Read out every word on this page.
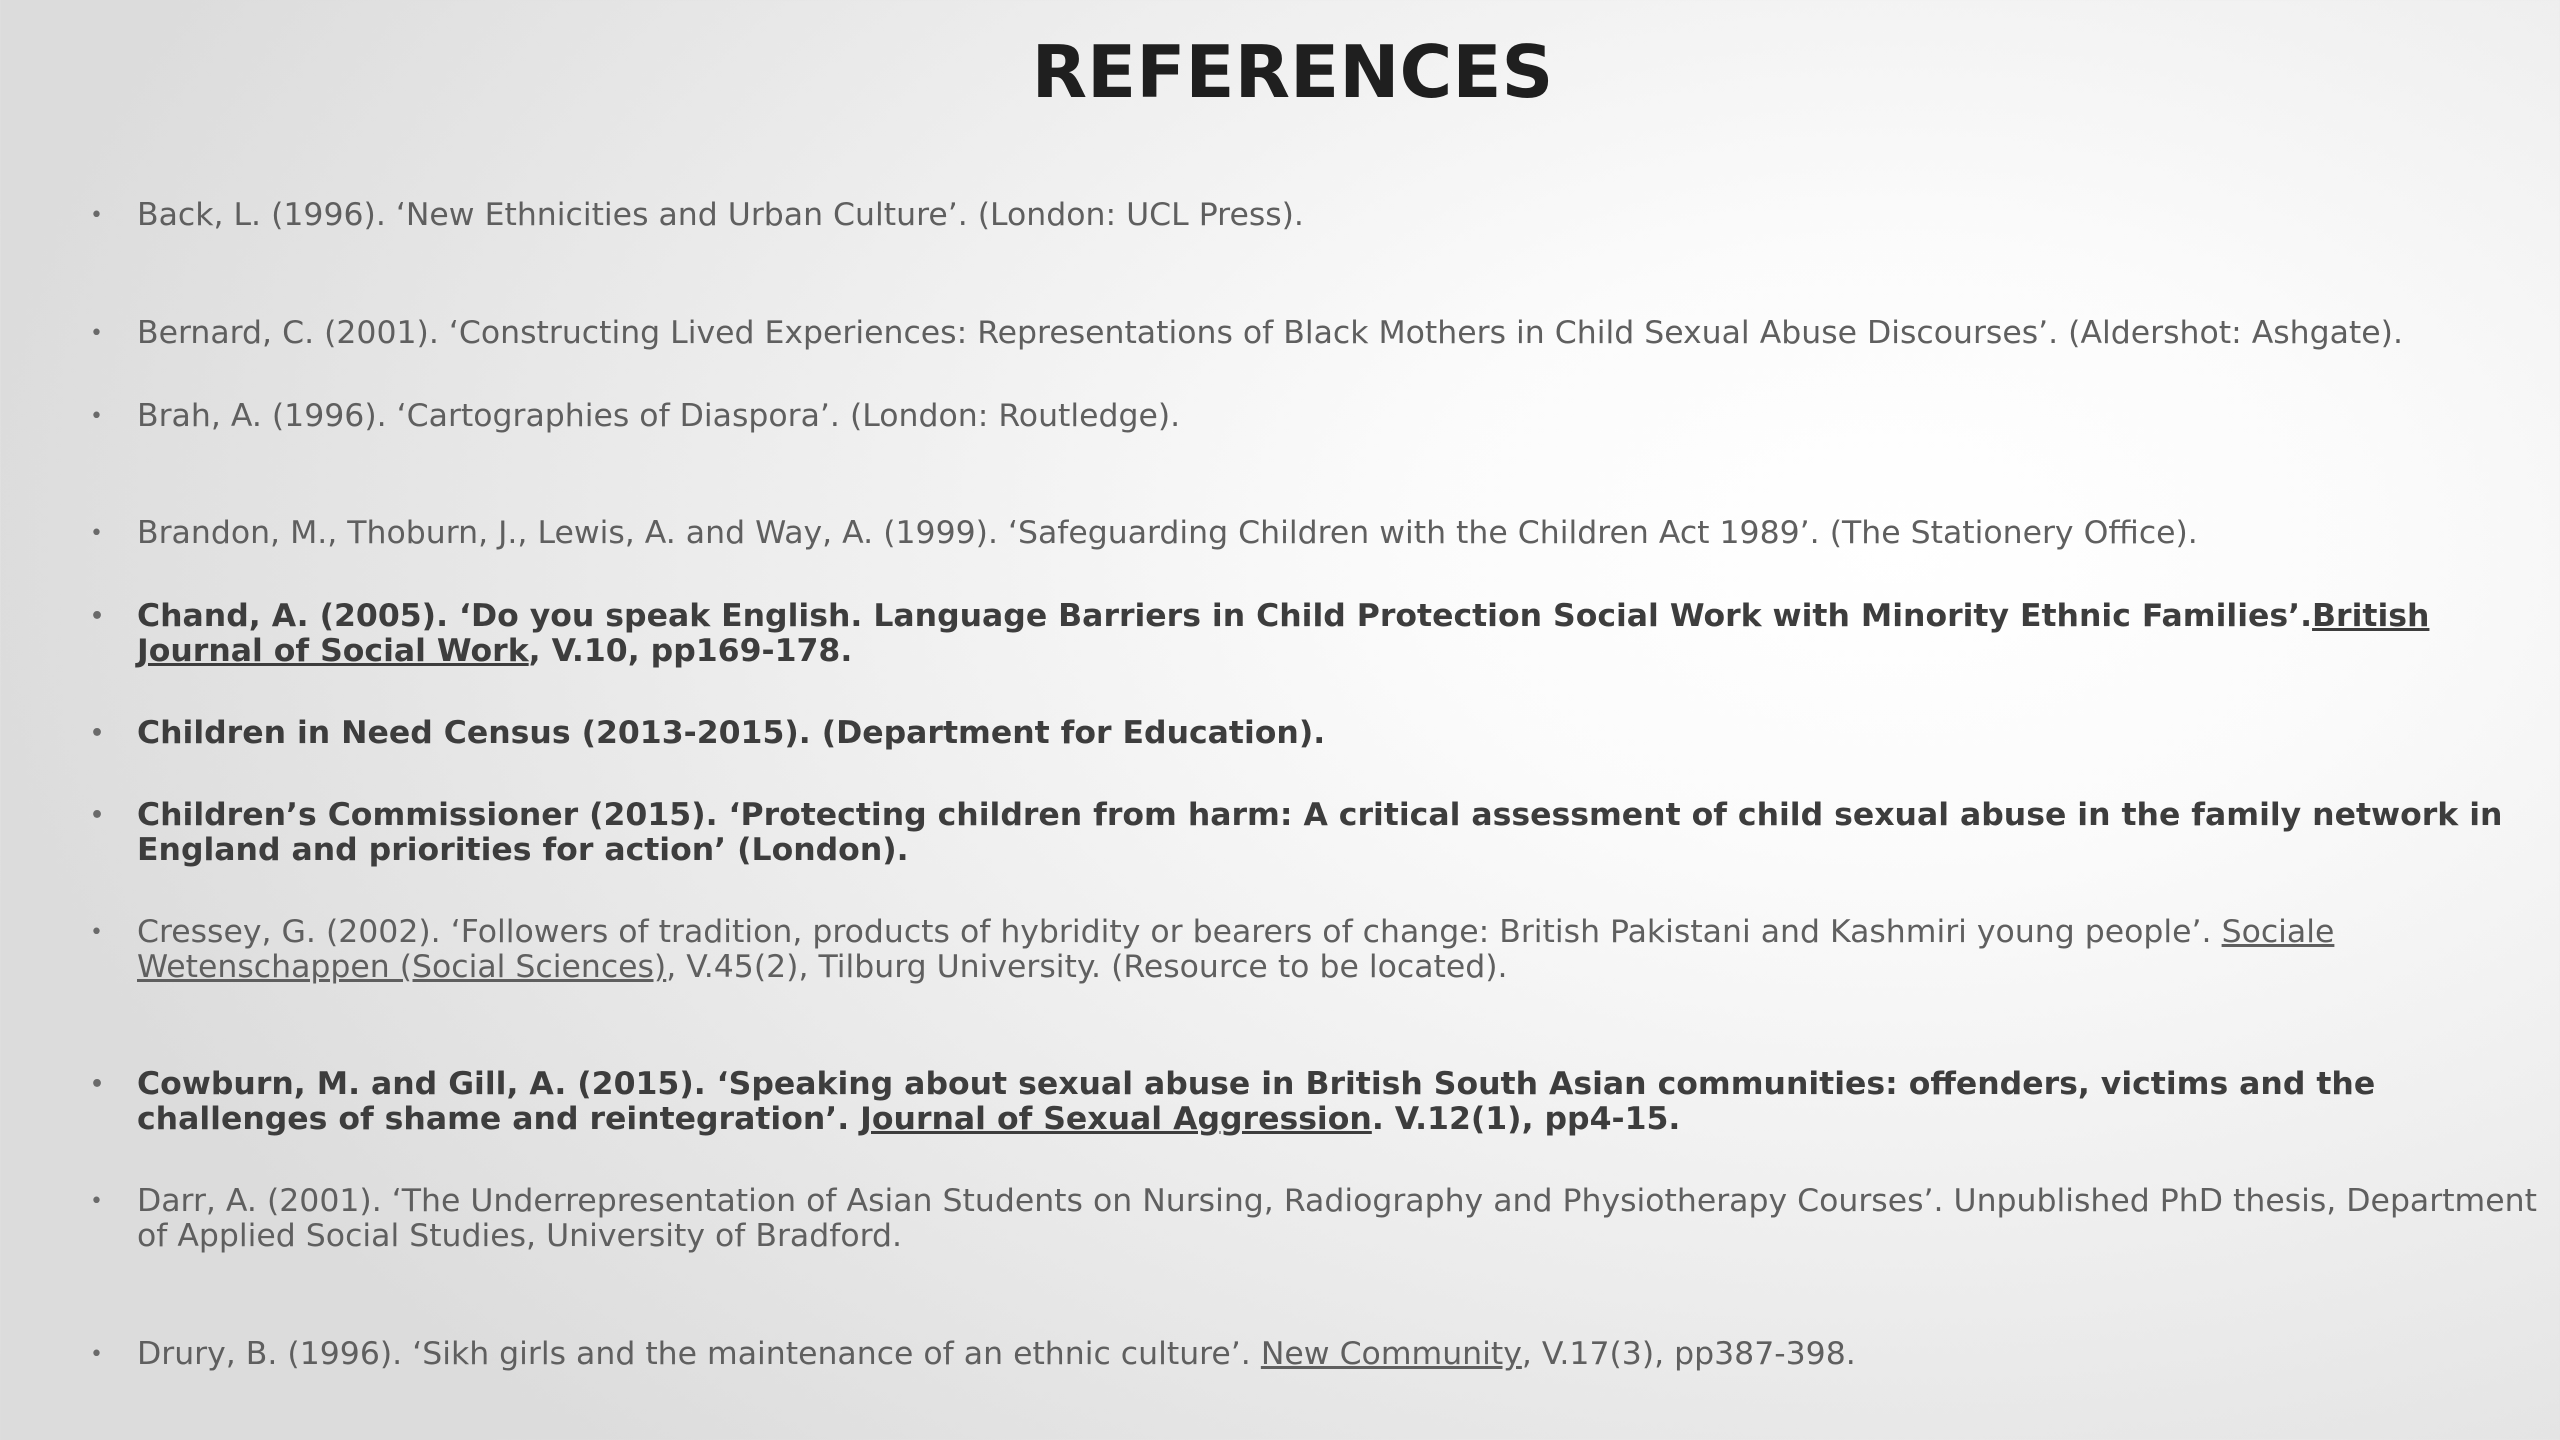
REFERENCES
• Back, L. (1996). ‘New Ethnicities and Urban Culture’. (London: UCL Press).
• Bernard, C. (2001). ‘Constructing Lived Experiences: Representations of Black Mothers in Child Sexual Abuse Discourses’. (Aldershot: Ashgate).
• Brah, A. (1996). ‘Cartographies of Diaspora’. (London: Routledge).
• Brandon, M., Thoburn, J., Lewis, A. and Way, A. (1999). ‘Safeguarding Children with the Children Act 1989’. (The Stationery Office).
• Chand, A. (2005). ‘Do you speak English. Language Barriers in Child Protection Social Work with Minority Ethnic Families’.British Journal of Social Work, V.10, pp169-178.
• Children in Need Census (2013-2015). (Department for Education).
• Children’s Commissioner (2015). ‘Protecting children from harm: A critical assessment of child sexual abuse in the family network in England and priorities for action’ (London).
• Cressey, G. (2002). ‘Followers of tradition, products of hybridity or bearers of change: British Pakistani and Kashmiri young people’. Sociale Wetenschappen (Social Sciences), V.45(2), Tilburg University. (Resource to be located).
• Cowburn, M. and Gill, A. (2015). ‘Speaking about sexual abuse in British South Asian communities: offenders, victims and the challenges of shame and reintegration’. Journal of Sexual Aggression. V.12(1), pp4-15.
• Darr, A. (2001). ‘The Underrepresentation of Asian Students on Nursing, Radiography and Physiotherapy Courses’. Unpublished PhD thesis, Department of Applied Social Studies, University of Bradford.
• Drury, B. (1996). ‘Sikh girls and the maintenance of an ethnic culture’. New Community, V.17(3), pp387-398.
